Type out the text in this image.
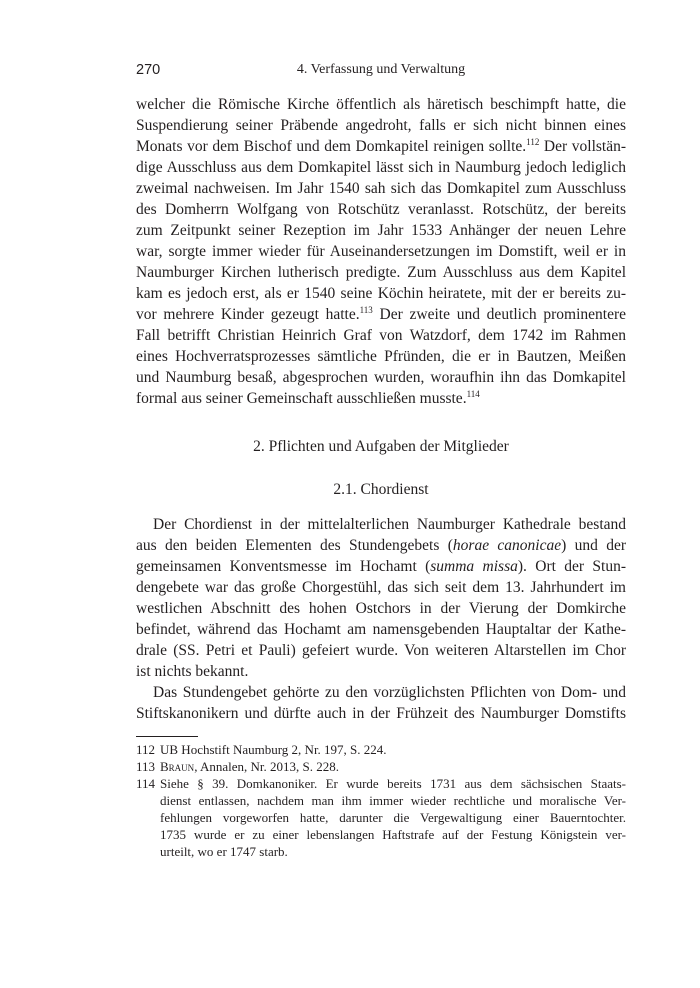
270	4. Verfassung und Verwaltung
welcher die Römische Kirche öffentlich als häretisch beschimpft hatte, die
Suspendierung seiner Präbende angedroht, falls er sich nicht binnen eines
Monats vor dem Bischof und dem Domkapitel reinigen sollte.$^{112}$ Der vollstän-
dige Ausschluss aus dem Domkapitel lässt sich in Naumburg jedoch lediglich
zweimal nachweisen. Im Jahr 1540 sah sich das Domkapitel zum Ausschluss
des Domherrn Wolfgang von Rotschütz veranlasst. Rotschütz, der bereits
zum Zeitpunkt seiner Rezeption im Jahr 1533 Anhänger der neuen Lehre
war, sorgte immer wieder für Auseinandersetzungen im Domstift, weil er in
Naumburger Kirchen lutherisch predigte. Zum Ausschluss aus dem Kapitel
kam es jedoch erst, als er 1540 seine Köchin heiratete, mit der er bereits zu-
vor mehrere Kinder gezeugt hatte.$^{113}$ Der zweite und deutlich prominentere
Fall betrifft Christian Heinrich Graf von Watzdorf, dem 1742 im Rahmen
eines Hochverratsprozesses sämtliche Pfründen, die er in Bautzen, Meißen
und Naumburg besaß, abgesprochen wurden, woraufhin ihn das Domkapitel
formal aus seiner Gemeinschaft ausschließen musste.$^{114}$
2. Pflichten und Aufgaben der Mitglieder
2.1. Chordienst
Der Chordienst in der mittelalterlichen Naumburger Kathedrale bestand
aus den beiden Elementen des Stundengebets (horae canonicae) und der
gemeinsamen Konventsmesse im Hochamt (summa missa). Ort der Stun-
dengebete war das große Chorgestühl, das sich seit dem 13. Jahrhundert im
westlichen Abschnitt des hohen Ostchors in der Vierung der Domkirche
befindet, während das Hochamt am namensgebenden Hauptaltar der Kathe-
drale (SS. Petri et Pauli) gefeiert wurde. Von weiteren Altarstellen im Chor
ist nichts bekannt.
Das Stundengebet gehörte zu den vorzüglichsten Pflichten von Dom- und
Stiftskanonikern und dürfte auch in der Frühzeit des Naumburger Domstifts
112 UB Hochstift Naumburg 2, Nr. 197, S. 224.
113 Braun, Annalen, Nr. 2013, S. 228.
114 Siehe § 39. Domkanoniker. Er wurde bereits 1731 aus dem sächsischen Staats-
dienst entlassen, nachdem man ihm immer wieder rechtliche und moralische Ver-
fehlungen vorgeworfen hatte, darunter die Vergewaltigung einer Bauerntochter.
1735 wurde er zu einer lebenslangen Haftstrafe auf der Festung Königstein ver-
urteilt, wo er 1747 starb.
